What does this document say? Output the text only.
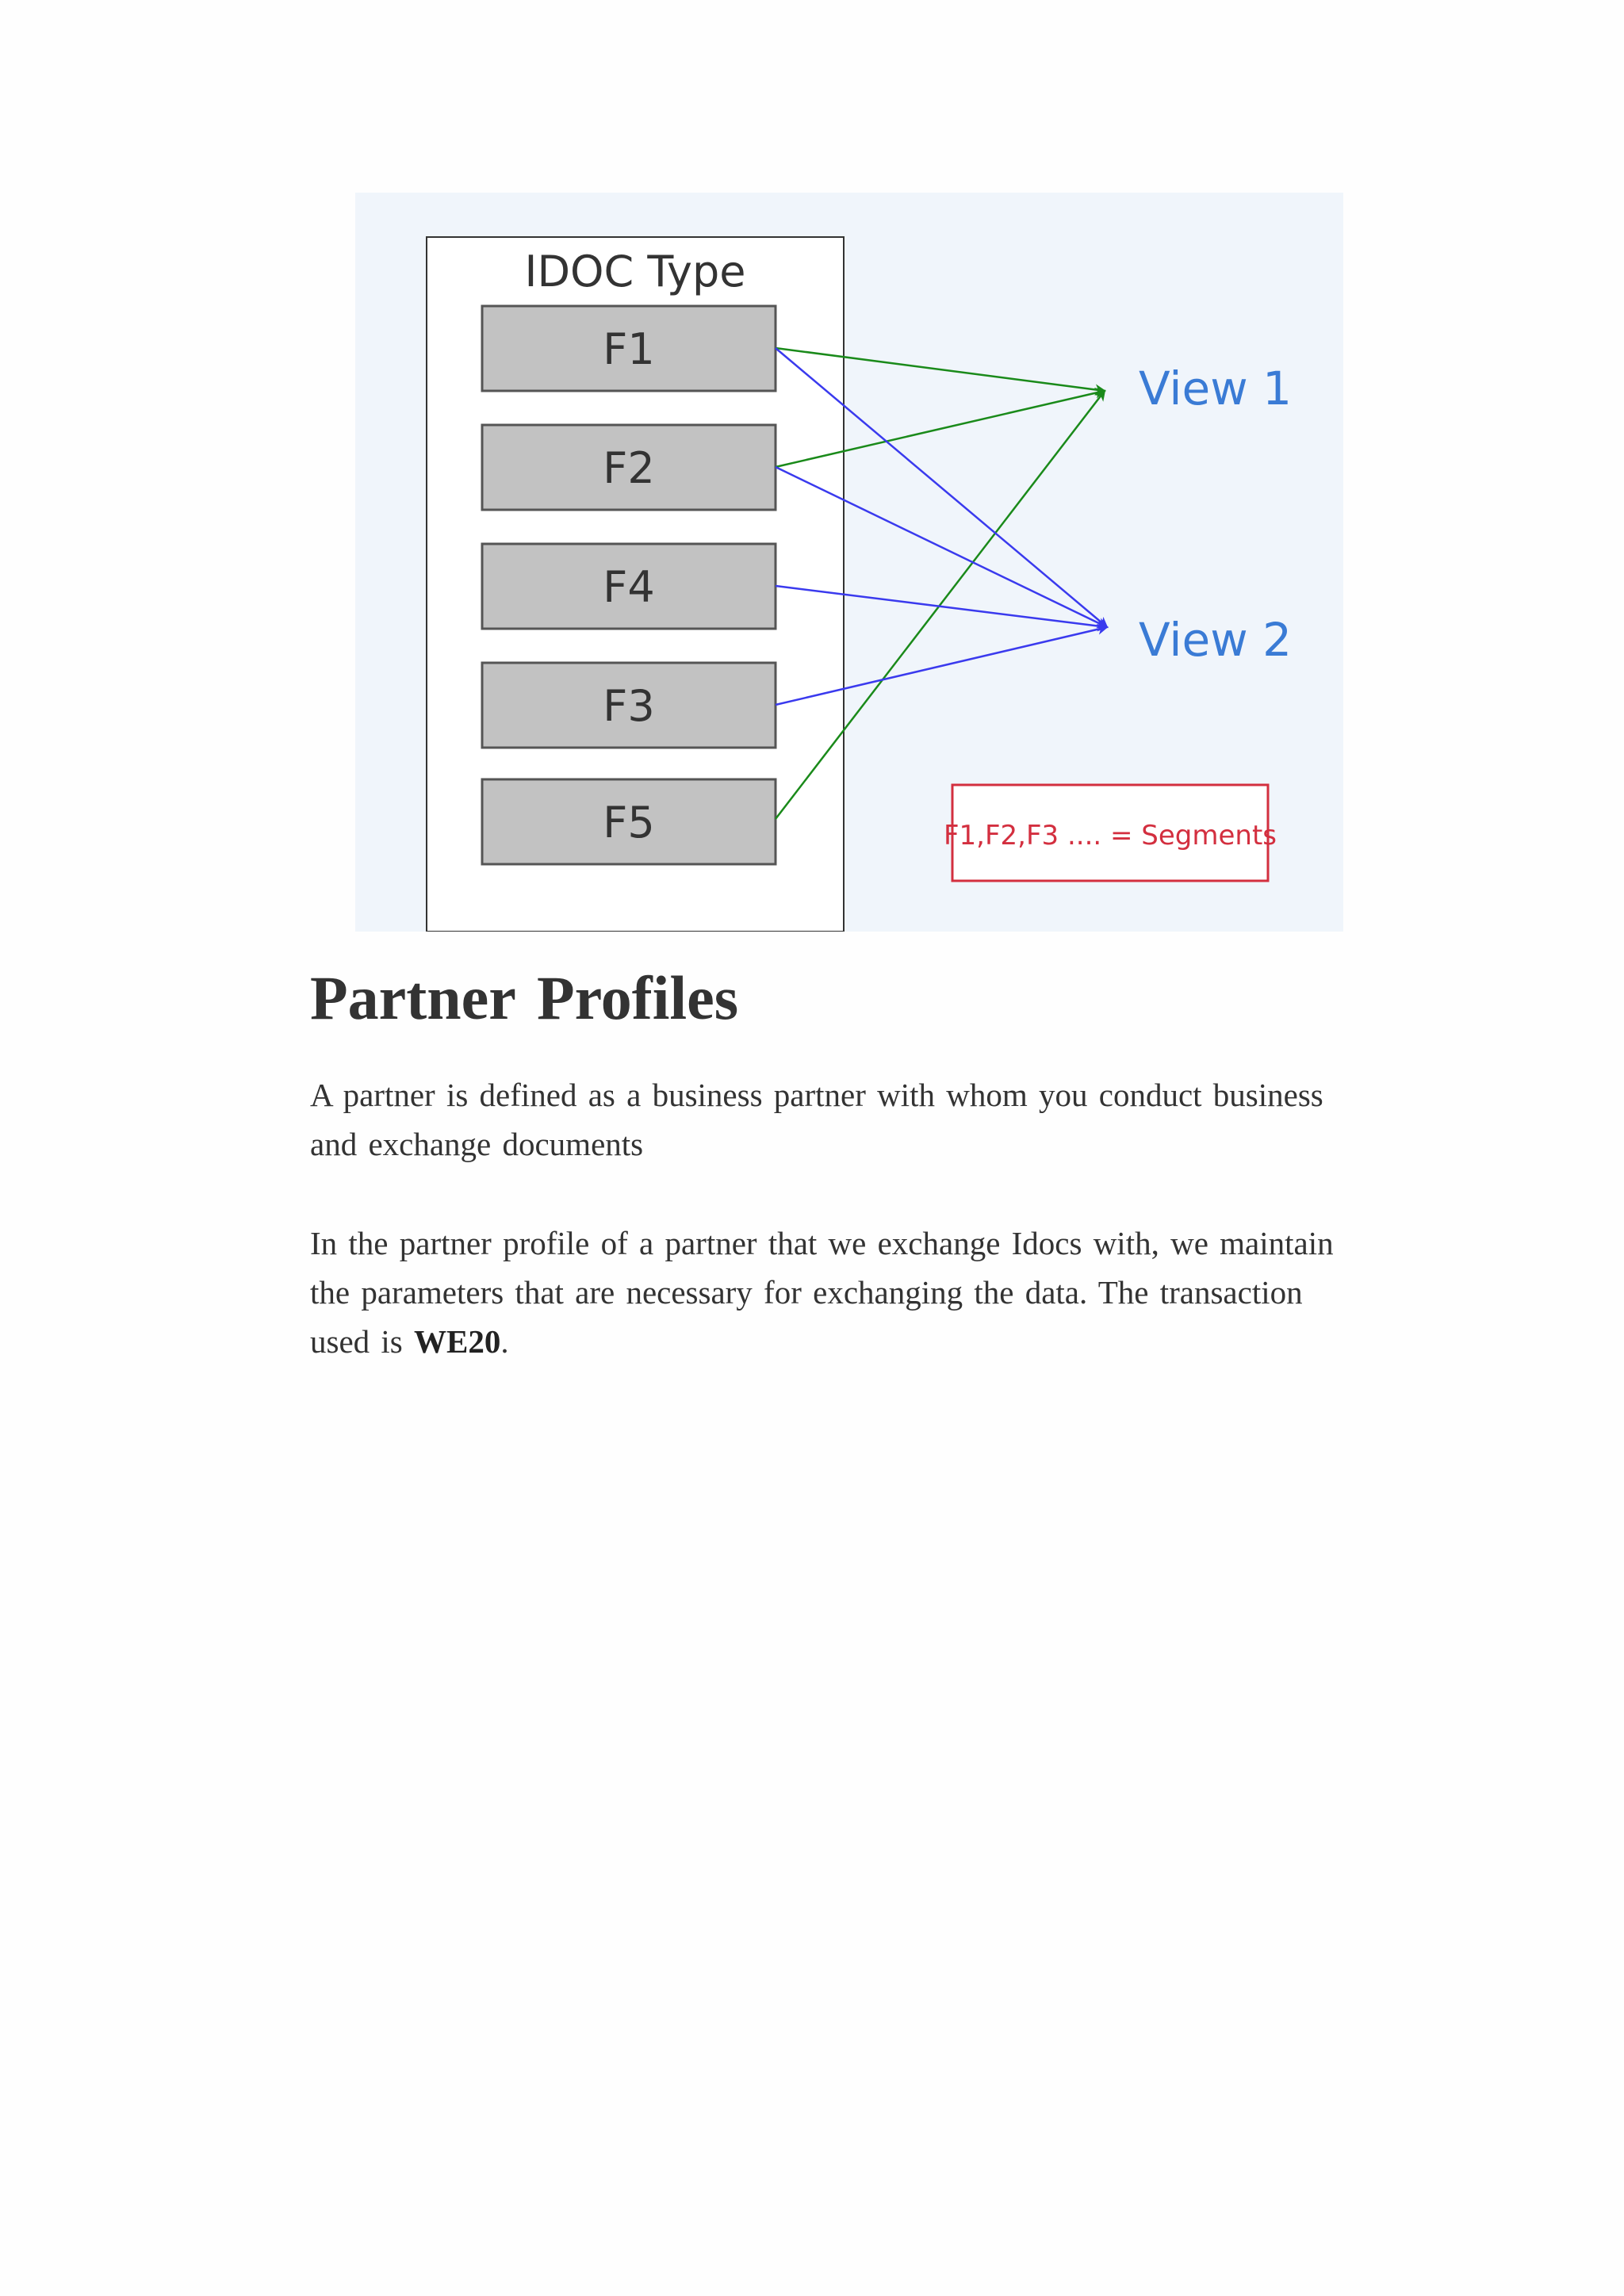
IDOC Type
F1
F2
F4
F3
F5
View 1
View 2
F1,F2,F3 .... = Segments
Partner Profiles

A partner is defined as a business partner with whom you conduct business
and exchange documents

In the partner profile of a partner that we exchange Idocs with, we maintain
the parameters that are necessary for exchanging the data. The transaction
used is WE20.
